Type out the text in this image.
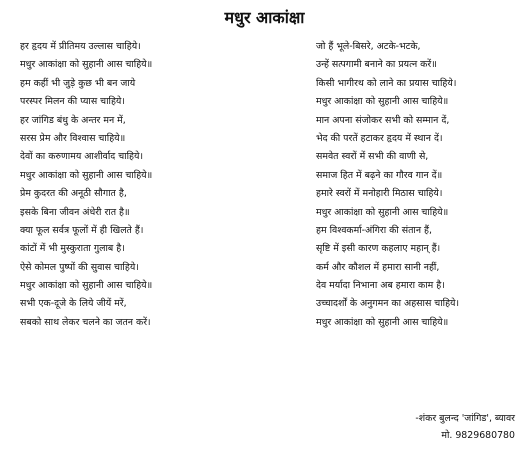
मधुर आकांक्षा
हर हृदय में प्रीतिमय उल्लास चाहिये।
मधुर आकांक्षा को सुहानी आस चाहिये॥
हम कहीं भी जुड़े कुछ भी बन जाये
परस्पर मिलन की प्यास चाहिये।
हर जांगिड बंधु के अन्तर मन में,
सरस प्रेम और विश्वास चाहिये॥
देवों का करुणामय आशीर्वाद चाहिये।
मधुर आकांक्षा को सुहानी आस चाहिये॥
प्रेम कुदरत की अनूठी सौगात है,
इसके बिना जीवन अंधेरी रात है॥
क्या फूल सर्वत्र फूलों में ही खिलते हैं।
कांटों में भी मुस्कुराता गुलाब है।
ऐसे कोमल पुष्पों की सुवास चाहिये।
मधुर आकांक्षा को सुहानी आस चाहिये॥
सभी एक-दूजे के लिये जीयें मरें,
सबको साथ लेकर चलने का जतन करें।
जो हैं भूले-बिसरे, अटके-भटके,
उन्हें सत्पगामी बनाने का प्रयत्न करें॥
किसी भागीरथ को लाने का प्रयास चाहिये।
मधुर आकांक्षा को सुहानी आस चाहिये॥
मान अपना संजोकर सभी को सम्मान दें,
भेद की परतें हटाकर हृदय में स्थान दें।
समवेत स्वरों में सभी की वाणी से,
समाज हित में बढ़ने का गौरव गान दें॥
हमारे स्वरों में मनोहारी मिठास चाहिये।
मधुर आकांक्षा को सुहानी आस चाहिये॥
हम विश्वकर्मा-अंगिरा की संतान हैं,
सृष्टि में इसी कारण कहलाए महान् हैं।
कर्म और कौशल में हमारा सानी नहीं,
देव मर्यादा निभाना अब हमारा काम है।
उच्चादर्शों के अनुगमन का अहसास चाहिये।
मधुर आकांक्षा को सुहानी आस चाहिये॥
-शंकर बुलन्द 'जांगिड', ब्यावर
मो. 9829680780
